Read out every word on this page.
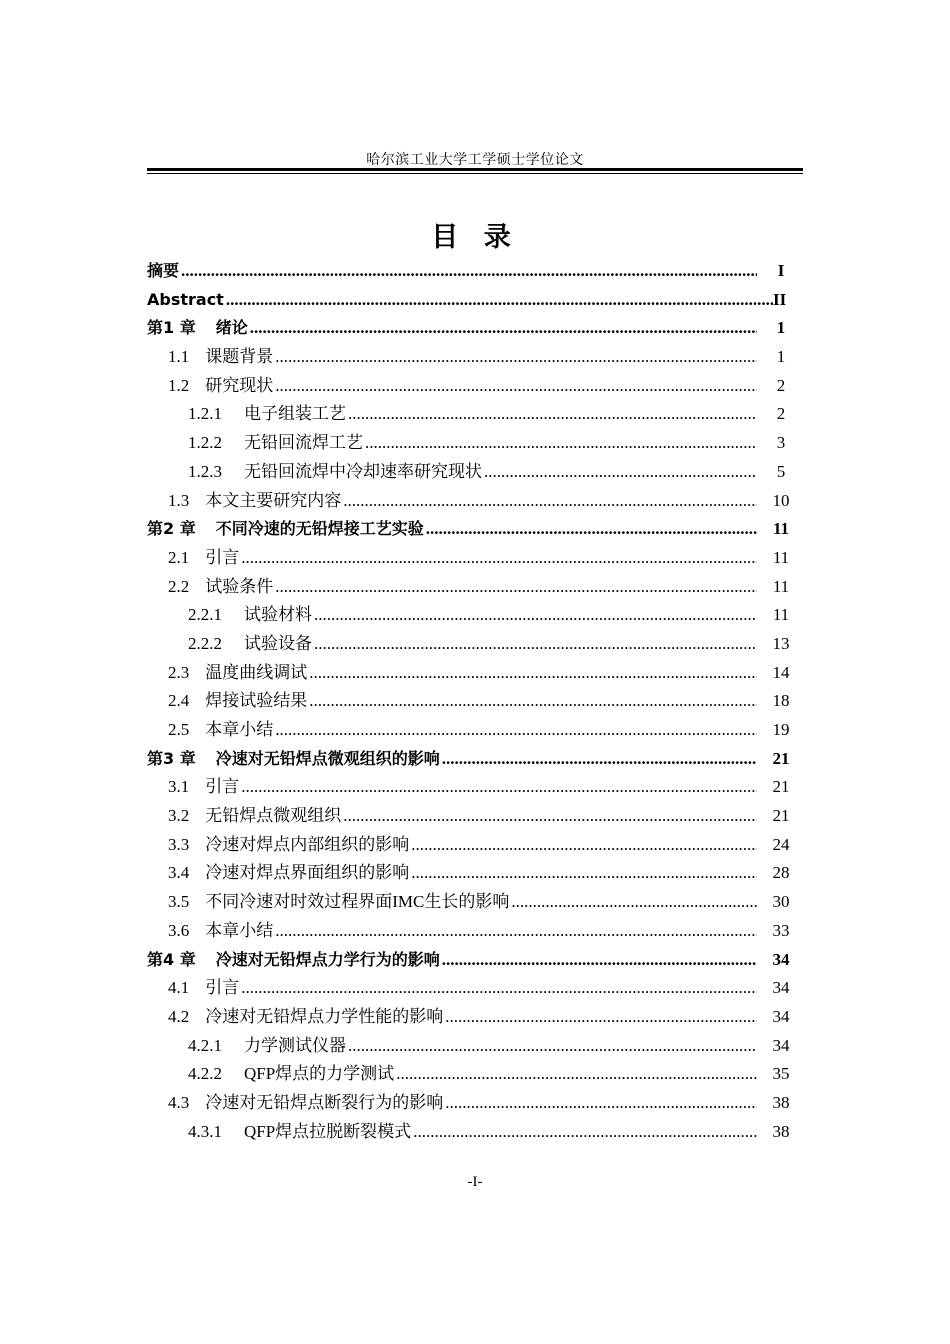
哈尔滨工业大学工学硕士学位论文
目 录
摘要 .....	I
Abstract .....	II
第1 章 绪论 .....	1
1.1 课题背景 .....	1
1.2 研究现状 .....	2
1.2.1 电子组装工艺 .....	2
1.2.2 无铅回流焊工艺 .....	3
1.2.3 无铅回流焊中冷却速率研究现状 .....	5
1.3 本文主要研究内容 .....	10
第2 章 不同冷速的无铅焊接工艺实验 .....	11
2.1 引言 .....	11
2.2 试验条件 .....	11
2.2.1 试验材料 .....	11
2.2.2 试验设备 .....	13
2.3 温度曲线调试 .....	14
2.4 焊接试验结果 .....	18
2.5 本章小结 .....	19
第3 章 冷速对无铅焊点微观组织的影响 .....	21
3.1 引言 .....	21
3.2 无铅焊点微观组织 .....	21
3.3 冷速对焊点内部组织的影响 .....	24
3.4 冷速对焊点界面组织的影响 .....	28
3.5 不同冷速对时效过程界面IMC生长的影响 .....	30
3.6 本章小结 .....	33
第4 章 冷速对无铅焊点力学行为的影响 .....	34
4.1 引言 .....	34
4.2 冷速对无铅焊点力学性能的影响 .....	34
4.2.1 力学测试仪器 .....	34
4.2.2 QFP焊点的力学测试 .....	35
4.3 冷速对无铅焊点断裂行为的影响 .....	38
4.3.1 QFP焊点拉脱断裂模式 .....	38
-I-
